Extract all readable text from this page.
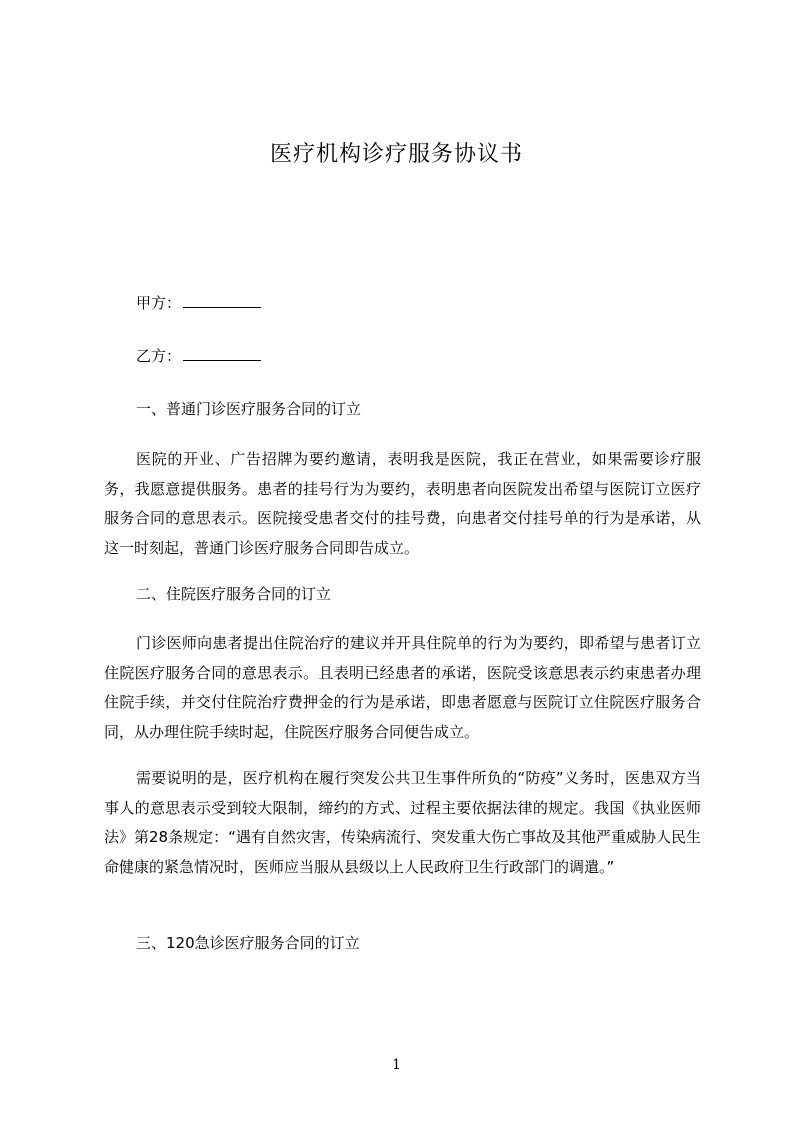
医疗机构诊疗服务协议书
甲方：
乙方：
一、普通门诊医疗服务合同的订立

医院的开业、广告招牌为要约邀请，表明我是医院，我正在营业，如果需要诊疗服务，我愿意提供服务。患者的挂号行为为要约，表明患者向医院发出希望与医院订立医疗服务合同的意思表示。医院接受患者交付的挂号费，向患者交付挂号单的行为是承诺，从这一时刻起，普通门诊医疗服务合同即告成立。

二、住院医疗服务合同的订立

门诊医师向患者提出住院治疗的建议并开具住院单的行为为要约，即希望与患者订立住院医疗服务合同的意思表示。且表明已经患者的承诺，医院受该意思表示约束患者办理住院手续，并交付住院治疗费押金的行为是承诺，即患者愿意与医院订立住院医疗服务合同，从办理住院手续时起，住院医疗服务合同便告成立。

需要说明的是，医疗机构在履行突发公共卫生事件所负的“防疫”义务时，医患双方当事人的意思表示受到较大限制，缔约的方式、过程主要依据法律的规定。我国《执业医师法》第28条规定：“遇有自然灾害，传染病流行、突发重大伤亡事故及其他严重威胁人民生命健康的紧急情况时，医师应当服从县级以上人民政府卫生行政部门的调遣。”

三、120急诊医疗服务合同的订立
1
